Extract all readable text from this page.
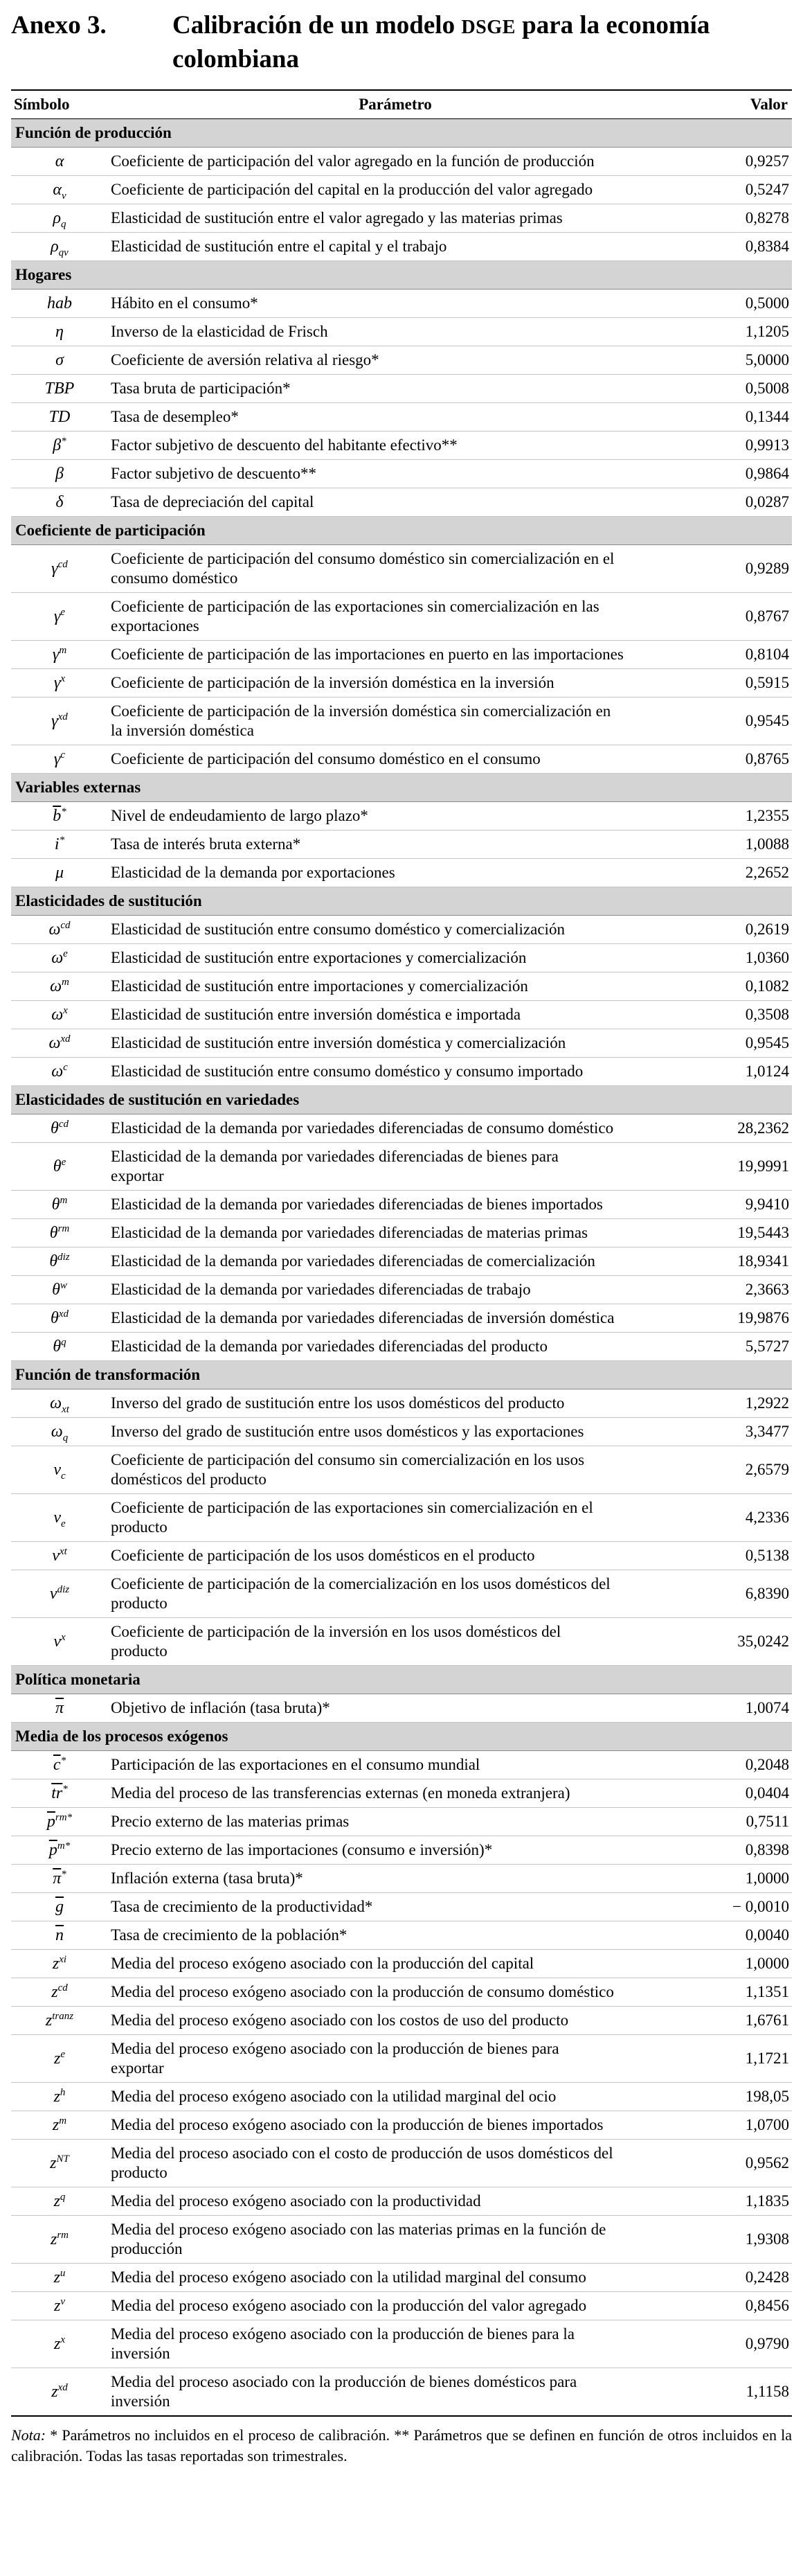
Anexo 3.	Calibración de un modelo DSGE para la economía colombiana
Símbolo	Parámetro	Valor
Función de producción		
α	Coeficiente de participación del valor agregado en la función de producción	0,9257
$\alpha_v$	Coeficiente de participación del capital en la producción del valor agregado	0,5247
$\rho_q$	Elasticidad de sustitución entre el valor agregado y las materias primas	0,8278
$\rho_{qv}$	Elasticidad de sustitución entre el capital y el trabajo	0,8384
Hogares		
hab	Hábito en el consumo*	0,5000
η	Inverso de la elasticidad de Frisch	1,1205
σ	Coeficiente de aversión relativa al riesgo*	5,0000
TBP	Tasa bruta de participación*	0,5008
TD	Tasa de desempleo*	0,1344
β*	Factor subjetivo de descuento del habitante efectivo**	0,9913
β	Factor subjetivo de descuento**	0,9864
δ	Tasa de depreciación del capital	0,0287
Coeficiente de participación		
$\gamma^{cd}$	Coeficiente de participación del consumo doméstico sin comercialización en el
consumo doméstico	0,9289
$\gamma^e$	Coeficiente de participación de las exportaciones sin comercialización en las
exportaciones	0,8767
$\gamma^m$	Coeficiente de participación de las importaciones en puerto en las importaciones	0,8104
$\gamma^x$	Coeficiente de participación de la inversión doméstica en la inversión	0,5915
$\gamma^{xd}$	Coeficiente de participación de la inversión doméstica sin comercialización en
la inversión doméstica	0,9545
$\gamma^c$	Coeficiente de participación del consumo doméstico en el consumo	0,8765
Variables externas		
$\overline{b}^*$	Nivel de endeudamiento de largo plazo*	1,2355
i*	Tasa de interés bruta externa*	1,0088
μ	Elasticidad de la demanda por exportaciones	2,2652
Elasticidades de sustitución		
$\omega^{cd}$	Elasticidad de sustitución entre consumo doméstico y comercialización	0,2619
$\omega^e$	Elasticidad de sustitución entre exportaciones y comercialización	1,0360
$\omega^m$	Elasticidad de sustitución entre importaciones y comercialización	0,1082
$\omega^x$	Elasticidad de sustitución entre inversión doméstica e importada	0,3508
$\omega^{xd}$	Elasticidad de sustitución entre inversión doméstica y comercialización	0,9545
$\omega^c$	Elasticidad de sustitución entre consumo doméstico y consumo importado	1,0124
Elasticidades de sustitución en variedades		
$\theta^{cd}$	Elasticidad de la demanda por variedades diferenciadas de consumo doméstico	28,2362
$\theta^e$	Elasticidad de la demanda por variedades diferenciadas de bienes para
exportar	19,9991
$\theta^m$	Elasticidad de la demanda por variedades diferenciadas de bienes importados	9,9410
$\theta^{rm}$	Elasticidad de la demanda por variedades diferenciadas de materias primas	19,5443
$\theta^{diz}$	Elasticidad de la demanda por variedades diferenciadas de comercialización	18,9341
$\theta^w$	Elasticidad de la demanda por variedades diferenciadas de trabajo	2,3663
$\theta^{xd}$	Elasticidad de la demanda por variedades diferenciadas de inversión doméstica	19,9876
$\theta^q$	Elasticidad de la demanda por variedades diferenciadas del producto	5,5727
Función de transformación		
$\omega_{xt}$	Inverso del grado de sustitución entre los usos domésticos del producto	1,2922
$\omega_q$	Inverso del grado de sustitución entre usos domésticos y las exportaciones	3,3477
$v_c$	Coeficiente de participación del consumo sin comercialización en los usos
domésticos del producto	2,6579
$v_e$	Coeficiente de participación de las exportaciones sin comercialización en el
producto	4,2336
$v^{xt}$	Coeficiente de participación de los usos domésticos en el producto	0,5138
$v^{diz}$	Coeficiente de participación de la comercialización en los usos domésticos del
producto	6,8390
$v^x$	Coeficiente de participación de la inversión en los usos domésticos del
producto	35,0242
Política monetaria		
$\overline{\pi}$	Objetivo de inflación (tasa bruta)*	1,0074
Media de los procesos exógenos		
$\overline{c}^*$	Participación de las exportaciones en el consumo mundial	0,2048
$\overline{tr}^*$	Media del proceso de las transferencias externas (en moneda extranjera)	0,0404
$\overline{p}^{rm*}$	Precio externo de las materias primas	0,7511
$\overline{p}^{m*}$	Precio externo de las importaciones (consumo e inversión)*	0,8398
$\overline{\pi}^*$	Inflación externa (tasa bruta)*	1,0000
$\overline{g}$	Tasa de crecimiento de la productividad*	− 0,0010
$\overline{n}$	Tasa de crecimiento de la población*	0,0040
$z^{xi}$	Media del proceso exógeno asociado con la producción del capital	1,0000
$z^{cd}$	Media del proceso exógeno asociado con la producción de consumo doméstico	1,1351
$z^{tranz}$	Media del proceso exógeno asociado con los costos de uso del producto	1,6761
$z^e$	Media del proceso exógeno asociado con la producción de bienes para
exportar	1,1721
$z^h$	Media del proceso exógeno asociado con la utilidad marginal del ocio	198,05
$z^m$	Media del proceso exógeno asociado con la producción de bienes importados	1,0700
$z^{NT}$	Media del proceso asociado con el costo de producción de usos domésticos del
producto	0,9562
$z^q$	Media del proceso exógeno asociado con la productividad	1,1835
$z^{rm}$	Media del proceso exógeno asociado con las materias primas en la función de
producción	1,9308
$z^u$	Media del proceso exógeno asociado con la utilidad marginal del consumo	0,2428
$z^v$	Media del proceso exógeno asociado con la producción del valor agregado	0,8456
$z^x$	Media del proceso exógeno asociado con la producción de bienes para la
inversión	0,9790
$z^{xd}$	Media del proceso asociado con la producción de bienes domésticos para
inversión	1,1158

Nota: * Parámetros no incluidos en el proceso de calibración. ** Parámetros que se definen en función de otros incluidos en la calibración. Todas las tasas reportadas son trimestrales.
